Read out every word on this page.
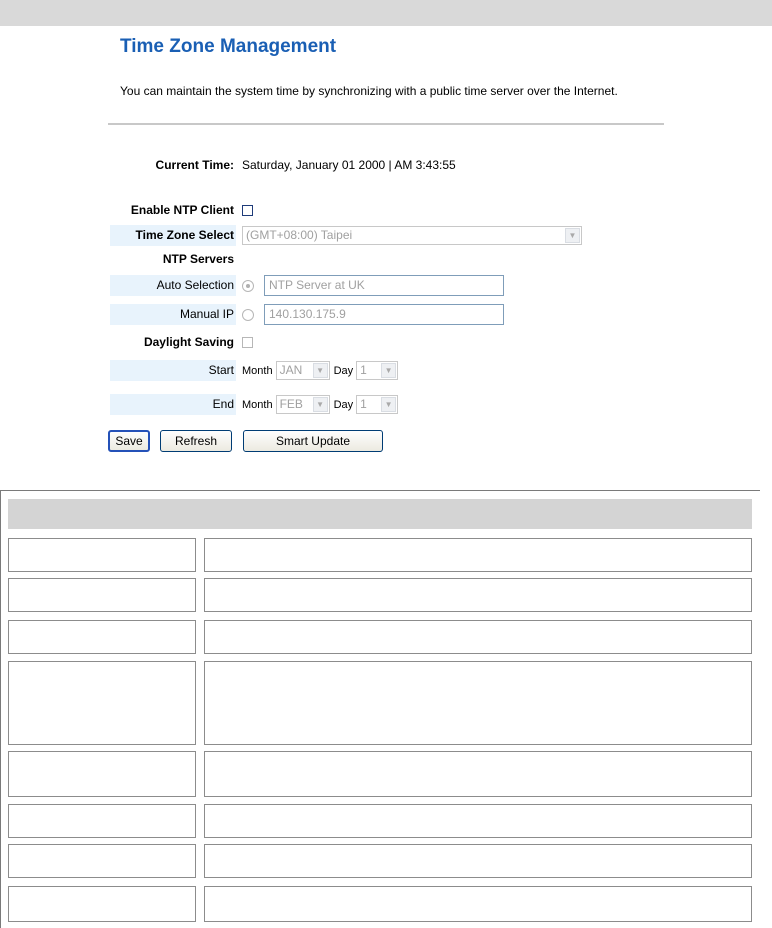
Time Zone Management
You can maintain the system time by synchronizing with a public time server over the Internet.
Current Time: Saturday, January 01 2000 | AM 3:43:55
Enable NTP Client
Time Zone Select	(GMT+08:00) Taipei	▼
NTP Servers
Auto Selection	NTP Server at UK
Manual IP	140.130.175.9
Daylight Saving
Start Month JAN	▼ Day 1	▼
End Month FEB	▼ Day 1	▼
Save	Refresh	Smart Update
